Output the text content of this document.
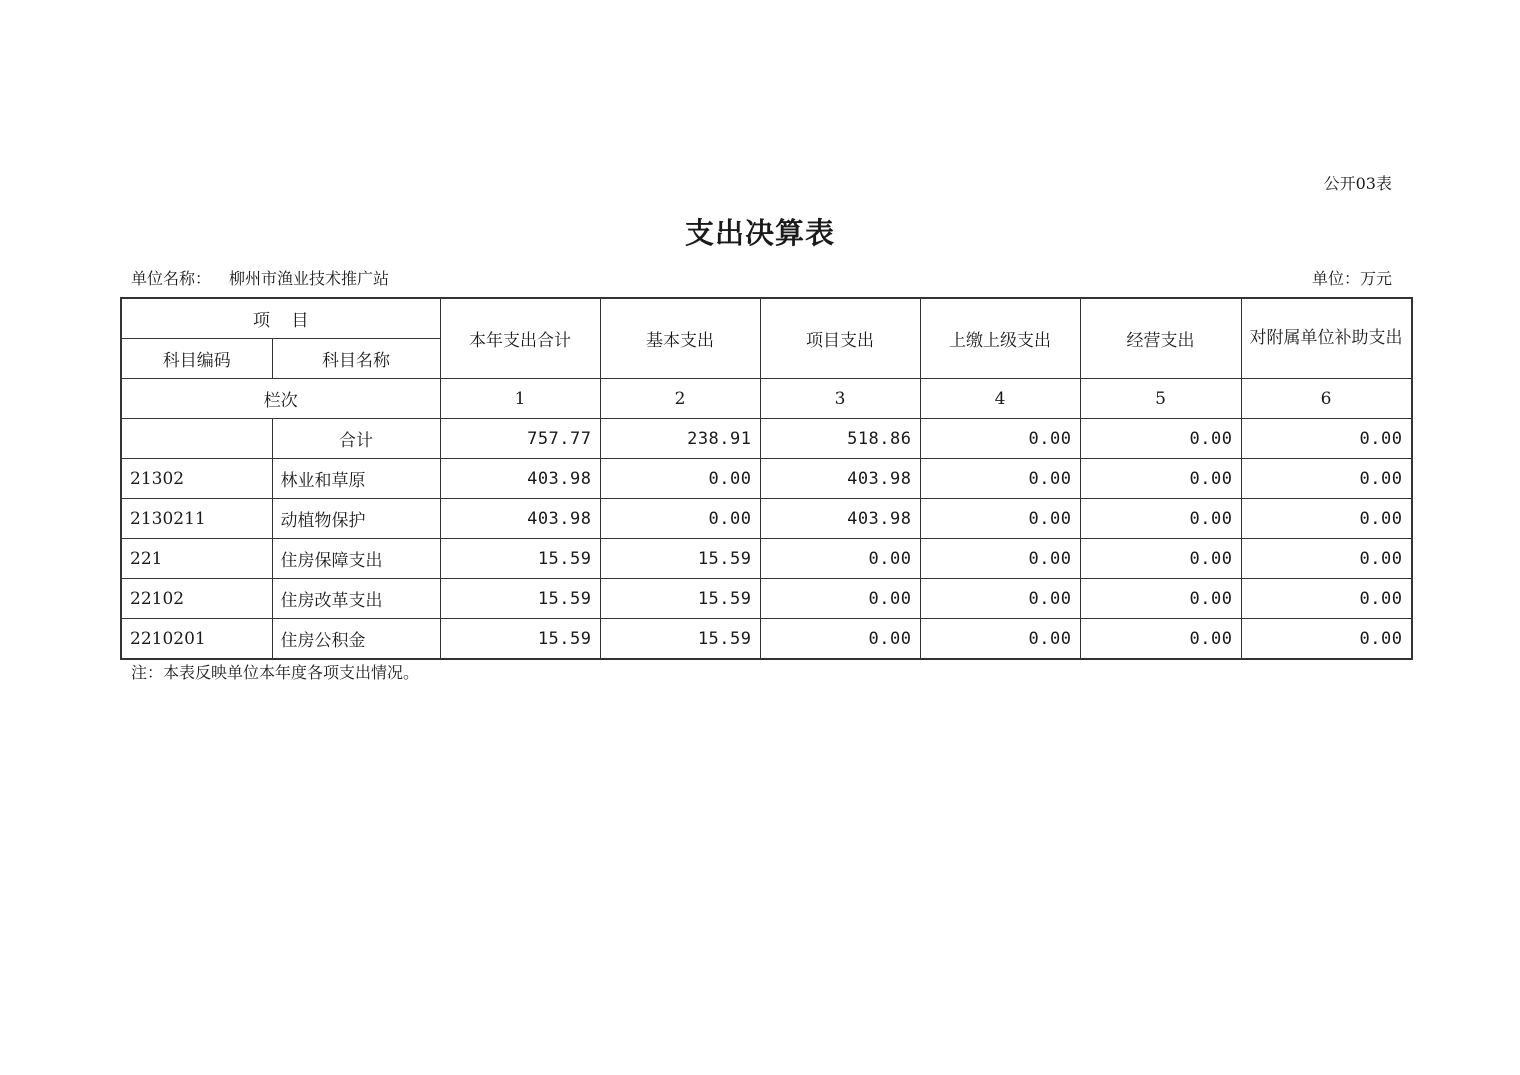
公开03表
支出决算表
单位名称： 柳州市渔业技术推广站	单位：万元
项    目		本年支出合计	基本支出	项目支出	上缴上级支出	经营支出	对附属单位补助支出
科目编码	科目名称						
栏次		1	2	3	4	5	6
	合计	757.77	238.91	518.86	0.00	0.00	0.00
21302	林业和草原	403.98	0.00	403.98	0.00	0.00	0.00
2130211	动植物保护	403.98	0.00	403.98	0.00	0.00	0.00
221	住房保障支出	15.59	15.59	0.00	0.00	0.00	0.00
22102	住房改革支出	15.59	15.59	0.00	0.00	0.00	0.00
2210201	住房公积金	15.59	15.59	0.00	0.00	0.00	0.00
注：本表反映单位本年度各项支出情况。
